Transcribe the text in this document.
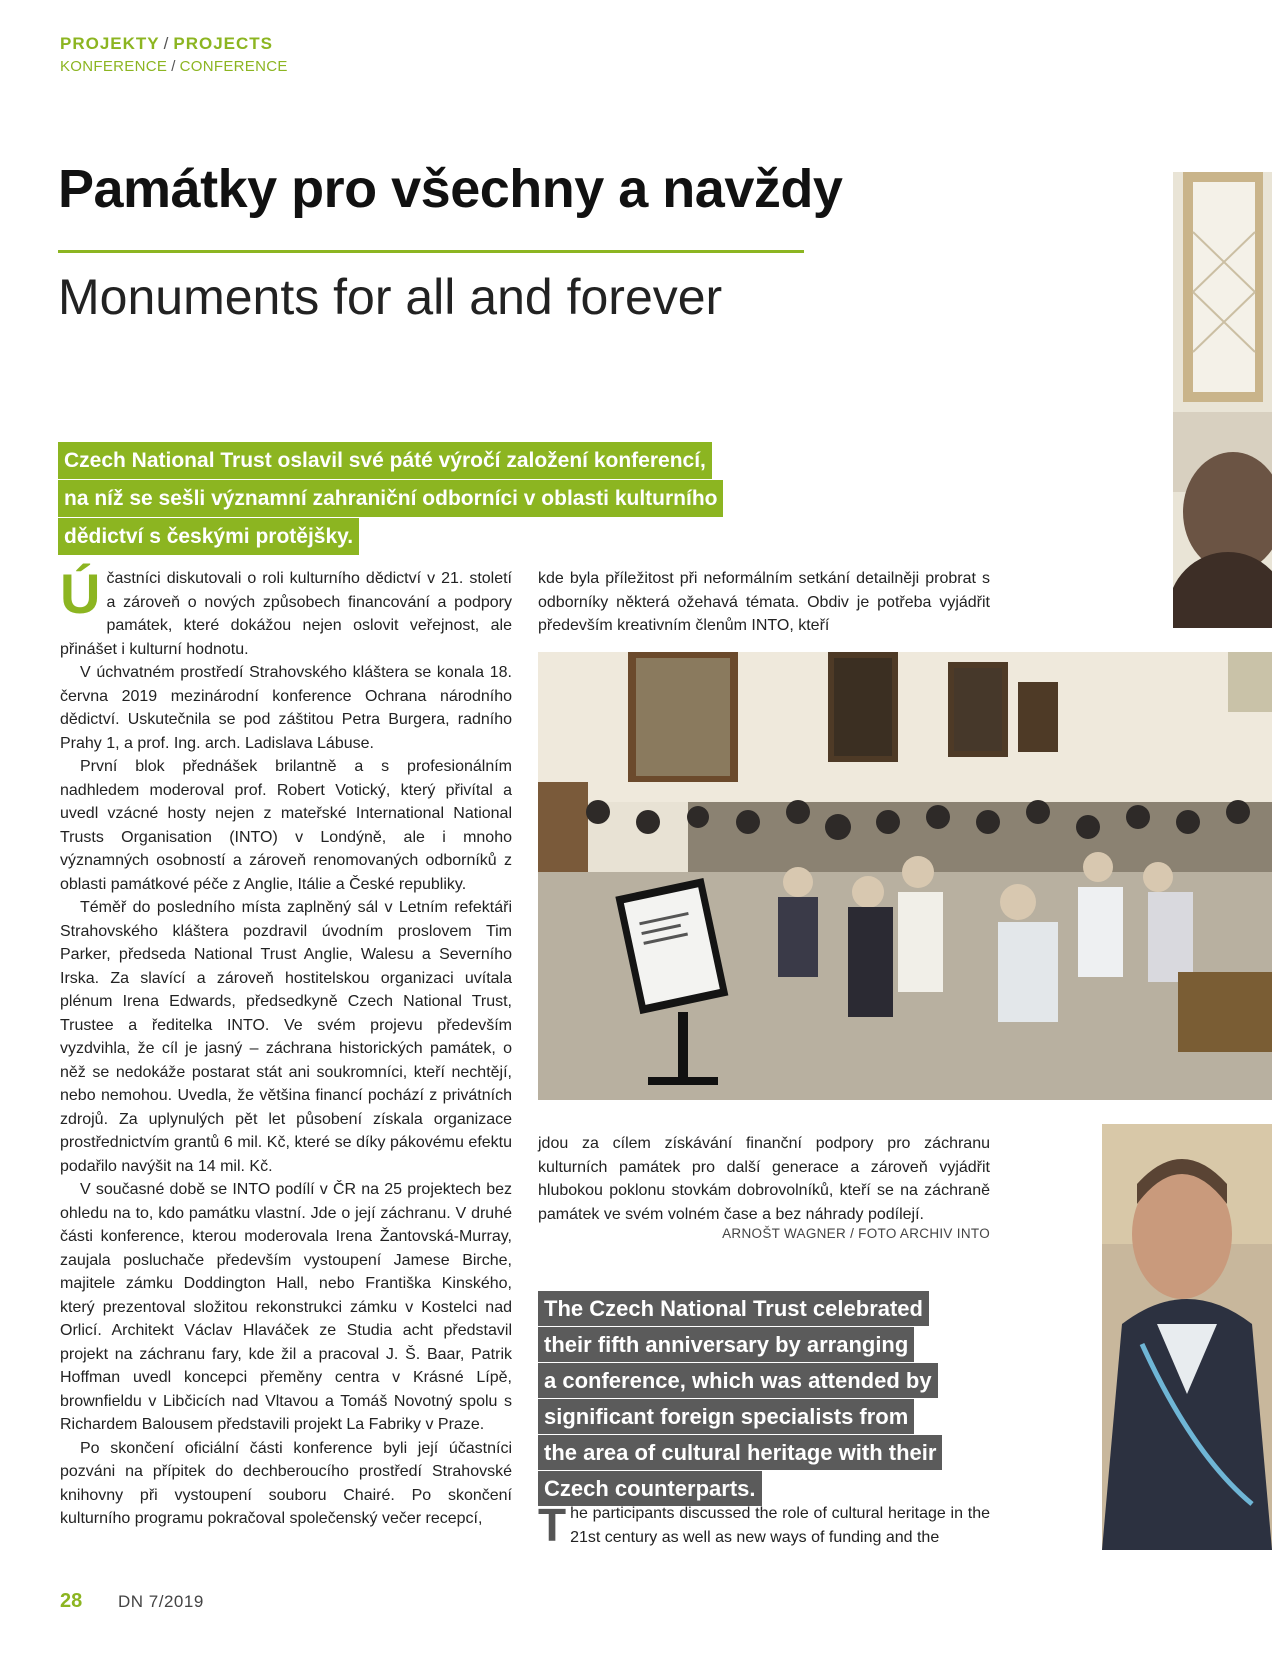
PROJEKTY / PROJECTS
KONFERENCE / CONFERENCE
Památky pro všechny a navždy
Monuments for all and forever
Czech National Trust oslavil své páté výročí založení konferencí,
na níž se sešli významní zahraniční odborníci v oblasti kulturního
dědictví s českými protějšky.

Účastníci diskutovali o roli kulturního dědictví v 21. století a zároveň o nových způsobech financování a podpory památek, které dokážou nejen oslovit veřejnost, ale přinášet i kulturní hodnotu.

V úchvatném prostředí Strahovského kláštera se konala 18. června 2019 mezinárodní konference Ochrana národního dědictví. Uskutečnila se pod záštitou Petra Burgera, radního Prahy 1, a prof. Ing. arch. Ladislava Lábuse.

První blok přednášek brilantně a s profesionálním nadhledem moderoval prof. Robert Votický, který přivítal a uvedl vzácné hosty nejen z mateřské International National Trusts Organisation (INTO) v Londýně, ale i mnoho významných osobností a zároveň renomovaných odborníků z oblasti památkové péče z Anglie, Itálie a České republiky.

Téměř do posledního místa zaplněný sál v Letním refektáři Strahovského kláštera pozdravil úvodním proslovem Tim Parker, předseda National Trust Anglie, Walesu a Severního Irska. Za slavící a zároveň hostitelskou organizaci uvítala plénum Irena Edwards, předsedkyně Czech National Trust, Trustee a ředitelka INTO. Ve svém projevu především vyzdvihla, že cíl je jasný – záchrana historických památek, o něž se nedokáže postarat stát ani soukromníci, kteří nechtějí, nebo nemohou. Uvedla, že většina financí pochází z privátních zdrojů. Za uplynulých pět let působení získala organizace prostřednictvím grantů 6 mil. Kč, které se díky pákovému efektu podařilo navýšit na 14 mil. Kč.

V současné době se INTO podílí v ČR na 25 projektech bez ohledu na to, kdo památku vlastní. Jde o její záchranu. V druhé části konference, kterou moderovala Irena Žantovská-Murray, zaujala posluchače především vystoupení Jamese Birche, majitele zámku Doddington Hall, nebo Františka Kinského, který prezentoval složitou rekonstrukci zámku v Kostelci nad Orlicí. Architekt Václav Hlaváček ze Studia acht představil projekt na záchranu fary, kde žil a pracoval J. Š. Baar, Patrik Hoffman uvedl koncepci přeměny centra v Krásné Lípě, brownfieldu v Libčicích nad Vltavou a Tomáš Novotný spolu s Richardem Balousem představili projekt La Fabriky v Praze.

Po skončení oficiální části konference byli její účastníci pozváni na přípitek do dechberoucího prostředí Strahovské knihovny při vystoupení souboru Chairé. Po skončení kulturního programu pokračoval společenský večer recepcí,

kde byla příležitost při neformálním setkání detailněji probrat s odborníky některá ožehavá témata. Obdiv je potřeba vyjádřit především kreativním členům INTO, kteří
jdou za cílem získávání finanční podpory pro záchranu kulturních památek pro další generace a zároveň vyjádřit hlubokou poklonu stovkám dobrovolníků, kteří se na záchraně památek ve svém volném čase a bez náhrady podílejí.
ARNOŠT WAGNER / FOTO ARCHIV INTO
The Czech National Trust celebrated
their fifth anniversary by arranging
a conference, which was attended by
significant foreign specialists from
the area of cultural heritage with their
Czech counterparts.
The participants discussed the role of cultural heritage in the 21st century as well as new ways of funding and the
28 DN 7/2019
